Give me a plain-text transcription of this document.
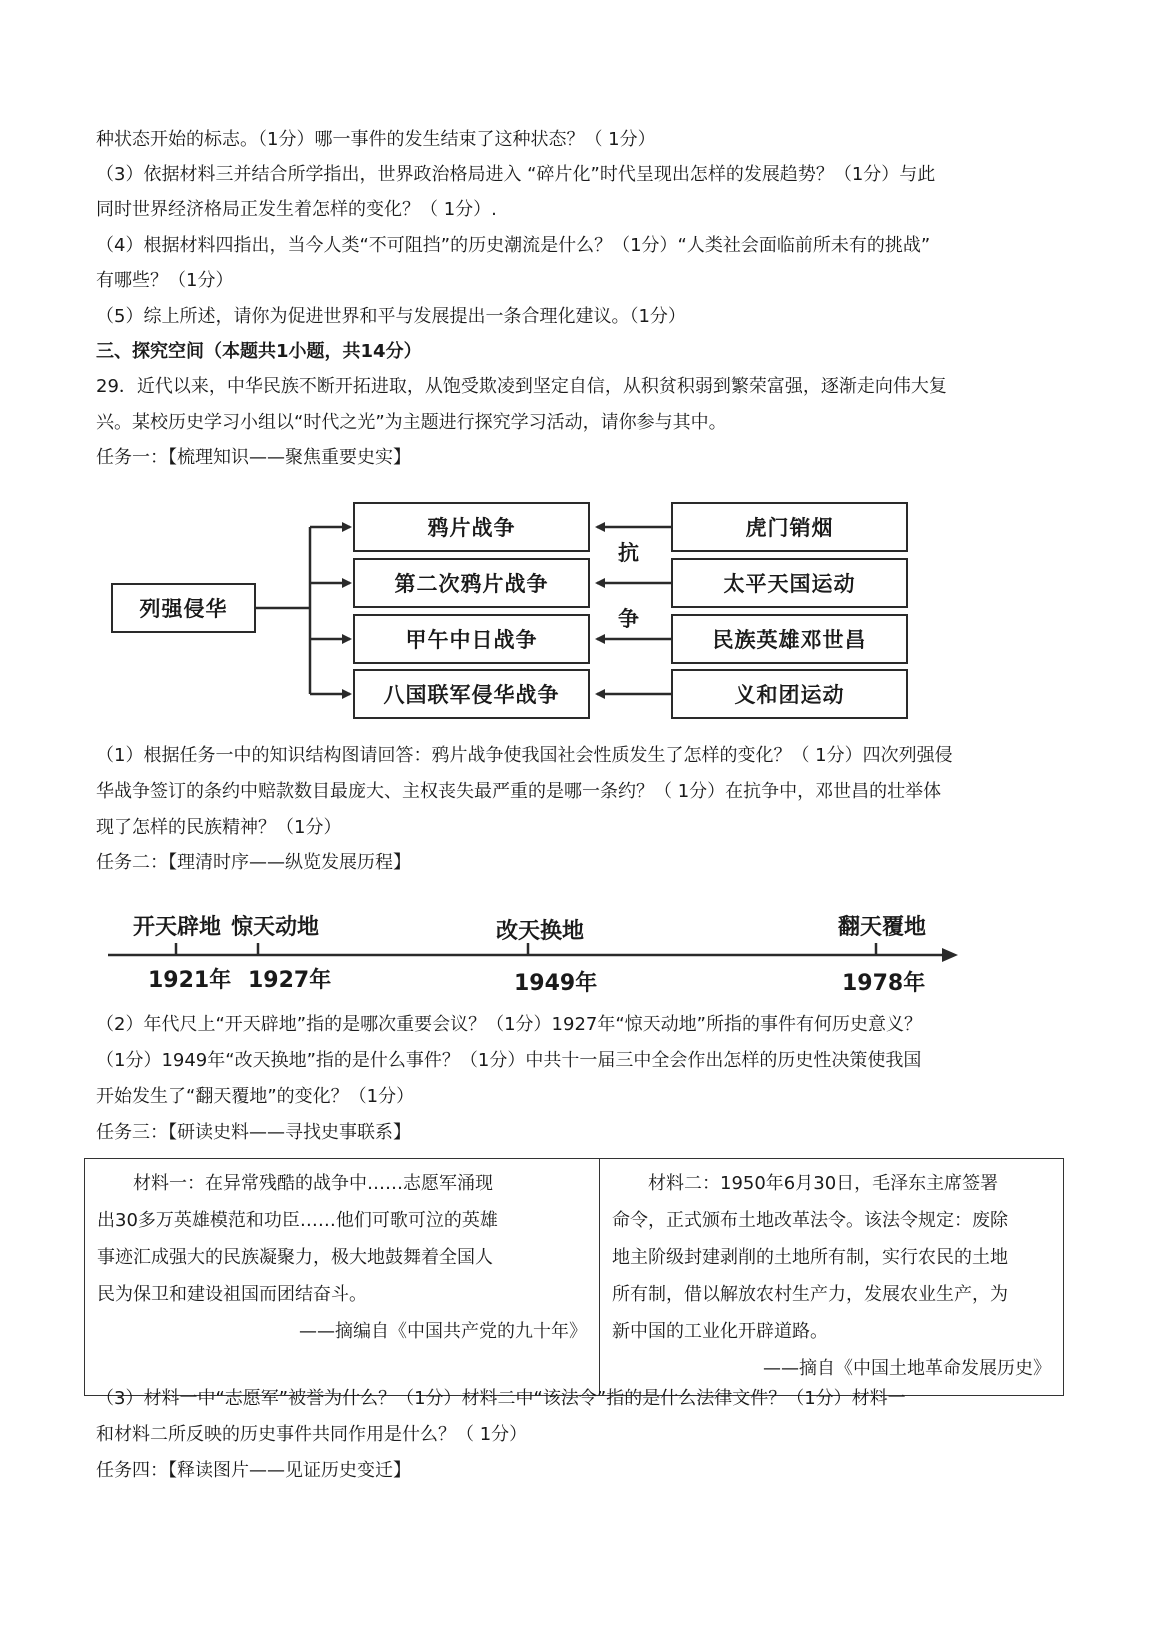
种状态开始的标志。（1分）哪一事件的发生结束了这种状态？（ 1分）
（3）依据材料三并结合所学指出，世界政治格局进入 “碎片化”时代呈现出怎样的发展趋势？（1分）与此
同时世界经济格局正发生着怎样的变化？（ 1分）.
（4）根据材料四指出，当今人类“不可阻挡”的历史潮流是什么？（1分）“人类社会面临前所未有的挑战”
有哪些？（1分）
（5）综上所述，请你为促进世界和平与发展提出一条合理化建议。（1分）
三、探究空间（本题共1小题，共14分）
29．近代以来，中华民族不断开拓进取，从饱受欺凌到坚定自信，从积贫积弱到繁荣富强，逐渐走向伟大复
兴。某校历史学习小组以“时代之光”为主题进行探究学习活动，请你参与其中。
任务一：【梳理知识——聚焦重要史实】
列强侵华
鸦片战争
第二次鸦片战争
甲午中日战争
八国联军侵华战争
虎门销烟
太平天国运动
民族英雄邓世昌
义和团运动
抗
争
（1）根据任务一中的知识结构图请回答：鸦片战争使我国社会性质发生了怎样的变化？（ 1分）四次列强侵
华战争签订的条约中赔款数目最庞大、主权丧失最严重的是哪一条约？（ 1分）在抗争中，邓世昌的壮举体
现了怎样的民族精神？（1分）
任务二：【理清时序——纵览发展历程】
开天辟地 惊天动地	改天换地	翻天覆地
1921年 1927年	1949年	1978年
（2）年代尺上“开天辟地”指的是哪次重要会议？（1分）1927年“惊天动地”所指的事件有何历史意义？
（1分）1949年“改天换地”指的是什么事件？（1分）中共十一届三中全会作出怎样的历史性决策使我国
开始发生了“翻天覆地”的变化？（1分）
任务三：【研读史料——寻找史事联系】
材料一：在异常残酷的战争中……志愿军涌现
出30多万英雄模范和功臣……他们可歌可泣的英雄
事迹汇成强大的民族凝聚力，极大地鼓舞着全国人
民为保卫和建设祖国而团结奋斗。
——摘编自《中国共产党的九十年》

材料二：1950年6月30日，毛泽东主席签署
命令，正式颁布土地改革法令。该法令规定：废除
地主阶级封建剥削的土地所有制，实行农民的土地
所有制，借以解放农村生产力，发展农业生产，为
新中国的工业化开辟道路。
——摘自《中国土地革命发展历史》
（3）材料一中“志愿军”被誉为什么？（1分）材料二中“该法令”指的是什么法律文件？（1分）材料一
和材料二所反映的历史事件共同作用是什么？（ 1分）
任务四：【释读图片——见证历史变迁】
